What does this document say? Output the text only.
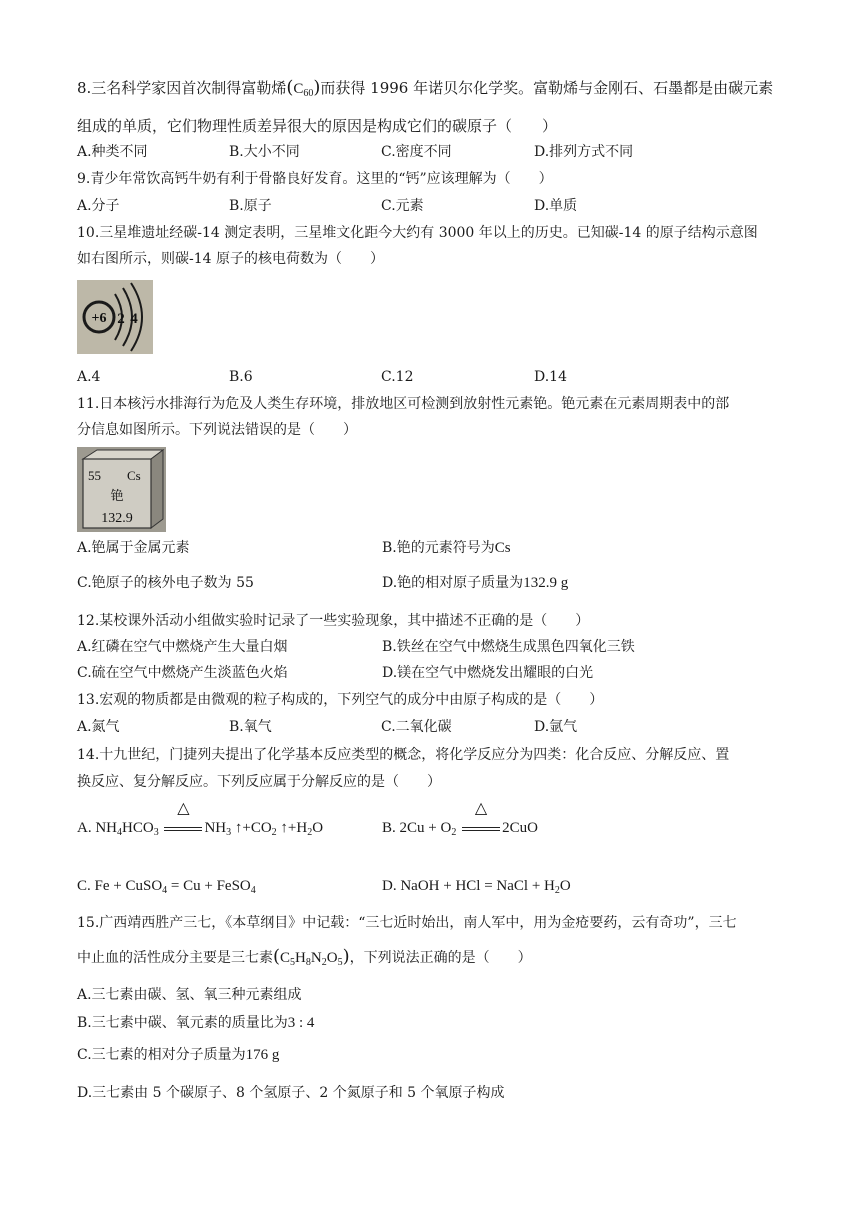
8.三名科学家因首次制得富勒烯$(C_{60})$而获得 1996 年诺贝尔化学奖。富勒烯与金刚石、石墨都是由碳元素
组成的单质，它们物理性质差异很大的原因是构成它们的碳原子（　　）
A.种类不同	B.大小不同	C.密度不同	D.排列方式不同
9.青少年常饮高钙牛奶有利于骨骼良好发育。这里的“钙”应该理解为（　　）
A.分子	B.原子	C.元素	D.单质
10.三星堆遗址经碳-14 测定表明，三星堆文化距今大约有 3000 年以上的历史。已知碳-14 的原子结构示意图
如右图所示，则碳-14 原子的核电荷数为（　　）
+6 2 4
A.4	B.6	C.12	D.14
11.日本核污水排海行为危及人类生存环境，排放地区可检测到放射性元素铯。铯元素在元素周期表中的部
分信息如图所示。下列说法错误的是（　　）
55 Cs
铯
132.9
A.铯属于金属元素	B.铯的元素符号为Cs
C.铯原子的核外电子数为 55	D.铯的相对原子质量为132.9 g
12.某校课外活动小组做实验时记录了一些实验现象，其中描述不正确的是（　　）
A.红磷在空气中燃烧产生大量白烟	B.铁丝在空气中燃烧生成黑色四氧化三铁
C.硫在空气中燃烧产生淡蓝色火焰	D.镁在空气中燃烧发出耀眼的白光
13.宏观的物质都是由微观的粒子构成的，下列空气的成分中由原子构成的是（　　）
A.氮气	B.氧气	C.二氧化碳	D.氩气
14.十九世纪，门捷列夫提出了化学基本反应类型的概念，将化学反应分为四类：化合反应、分解反应、置
换反应、复分解反应。下列反应属于分解反应的是（　　）
A. $NH_4HCO_3$
△
$NH_3$ $↑+CO_2$ $↑+H_2O$	B. $2Cu + O_2$
△
2CuO
C. Fe + CuSO$_4$ = Cu + FeSO$_4$	D. NaOH + HCl = NaCl + $H_2O$
15.广西靖西胜产三七，《本草纲目》中记载：“三七近时始出，南人军中，用为金疮要药，云有奇功”，三七
中止血的活性成分主要是三七素$(C_5H_8N_2O_5)$，下列说法正确的是（　　）
A.三七素由碳、氢、氧三种元素组成
B.三七素中碳、氧元素的质量比为3 : 4
C.三七素的相对分子质量为176 g
D.三七素由 5 个碳原子、8 个氢原子、2 个氮原子和 5 个氧原子构成
